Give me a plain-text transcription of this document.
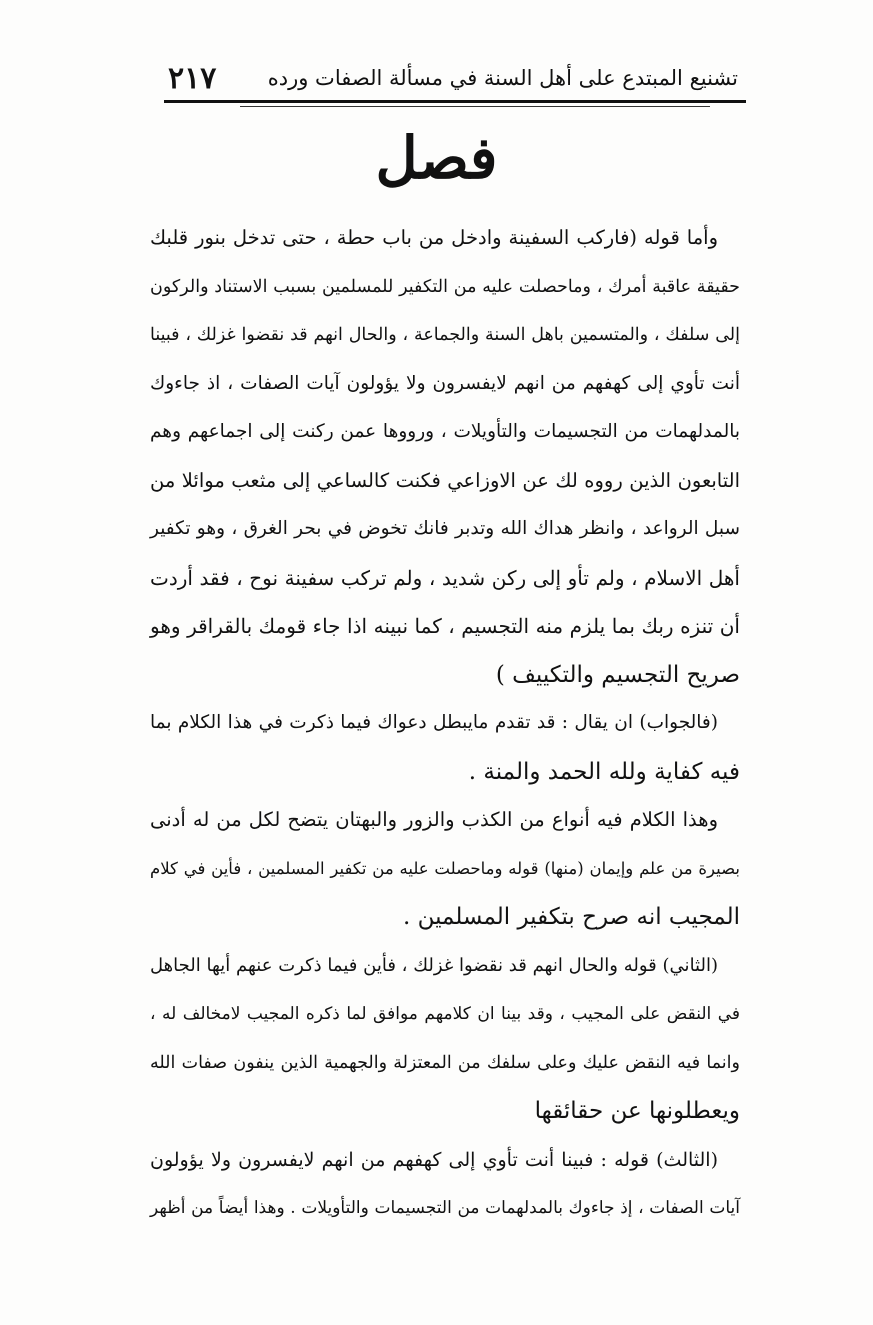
تشنيع المبتدع على أهل السنة في مسألة الصفات ورده
٢١٧
فصل
وأما قوله (فاركب السفينة وادخل من باب حطة ، حتى تدخل بنور قلبك
حقيقة عاقبة أمرك ، وماحصلت عليه من التكفير للمسلمين بسبب الاستناد والركون
إلى سلفك ، والمتسمين باهل السنة والجماعة ، والحال انهم قد نقضوا غزلك ، فبينا
أنت تأوي إلى كهفهم من انهم لايفسرون ولا يؤولون آيات الصفات ، اذ جاءوك
بالمدلهمات من التجسيمات والتأويلات ، ورووها عمن ركنت إلى اجماعهم وهم
التابعون الذين رووه لك عن الاوزاعي فكنت كالساعي إلى مثعب موائلا من
سبل الرواعد ، وانظر هداك الله وتدبر فانك تخوض في بحر الغرق ، وهو تكفير
أهل الاسلام ، ولم تأو إلى ركن شديد ، ولم تركب سفينة نوح ، فقد أردت
أن تنزه ربك بما يلزم منه التجسيم ، كما نبينه اذا جاء قومك بالقراقر وهو
صريح التجسيم والتكييف )
(فالجواب) ان يقال : قد تقدم مايبطل دعواك فيما ذكرت في هذا الكلام بما
فيه كفاية ولله الحمد والمنة .
وهذا الكلام فيه أنواع من الكذب والزور والبهتان يتضح لكل من له أدنى
بصيرة من علم وإيمان (منها) قوله وماحصلت عليه من تكفير المسلمين ، فأين في كلام
المجيب انه صرح بتكفير المسلمين .
(الثاني) قوله والحال انهم قد نقضوا غزلك ، فأين فيما ذكرت عنهم أيها الجاهل
في النقض على المجيب ، وقد بينا ان كلامهم موافق لما ذكره المجيب لامخالف له ،
وانما فيه النقض عليك وعلى سلفك من المعتزلة والجهمية الذين ينفون صفات الله
ويعطلونها عن حقائقها
(الثالث) قوله : فبينا أنت تأوي إلى كهفهم من انهم لايفسرون ولا يؤولون
آيات الصفات ، إذ جاءوك بالمدلهمات من التجسيمات والتأويلات . وهذا أيضاً من أظهر
